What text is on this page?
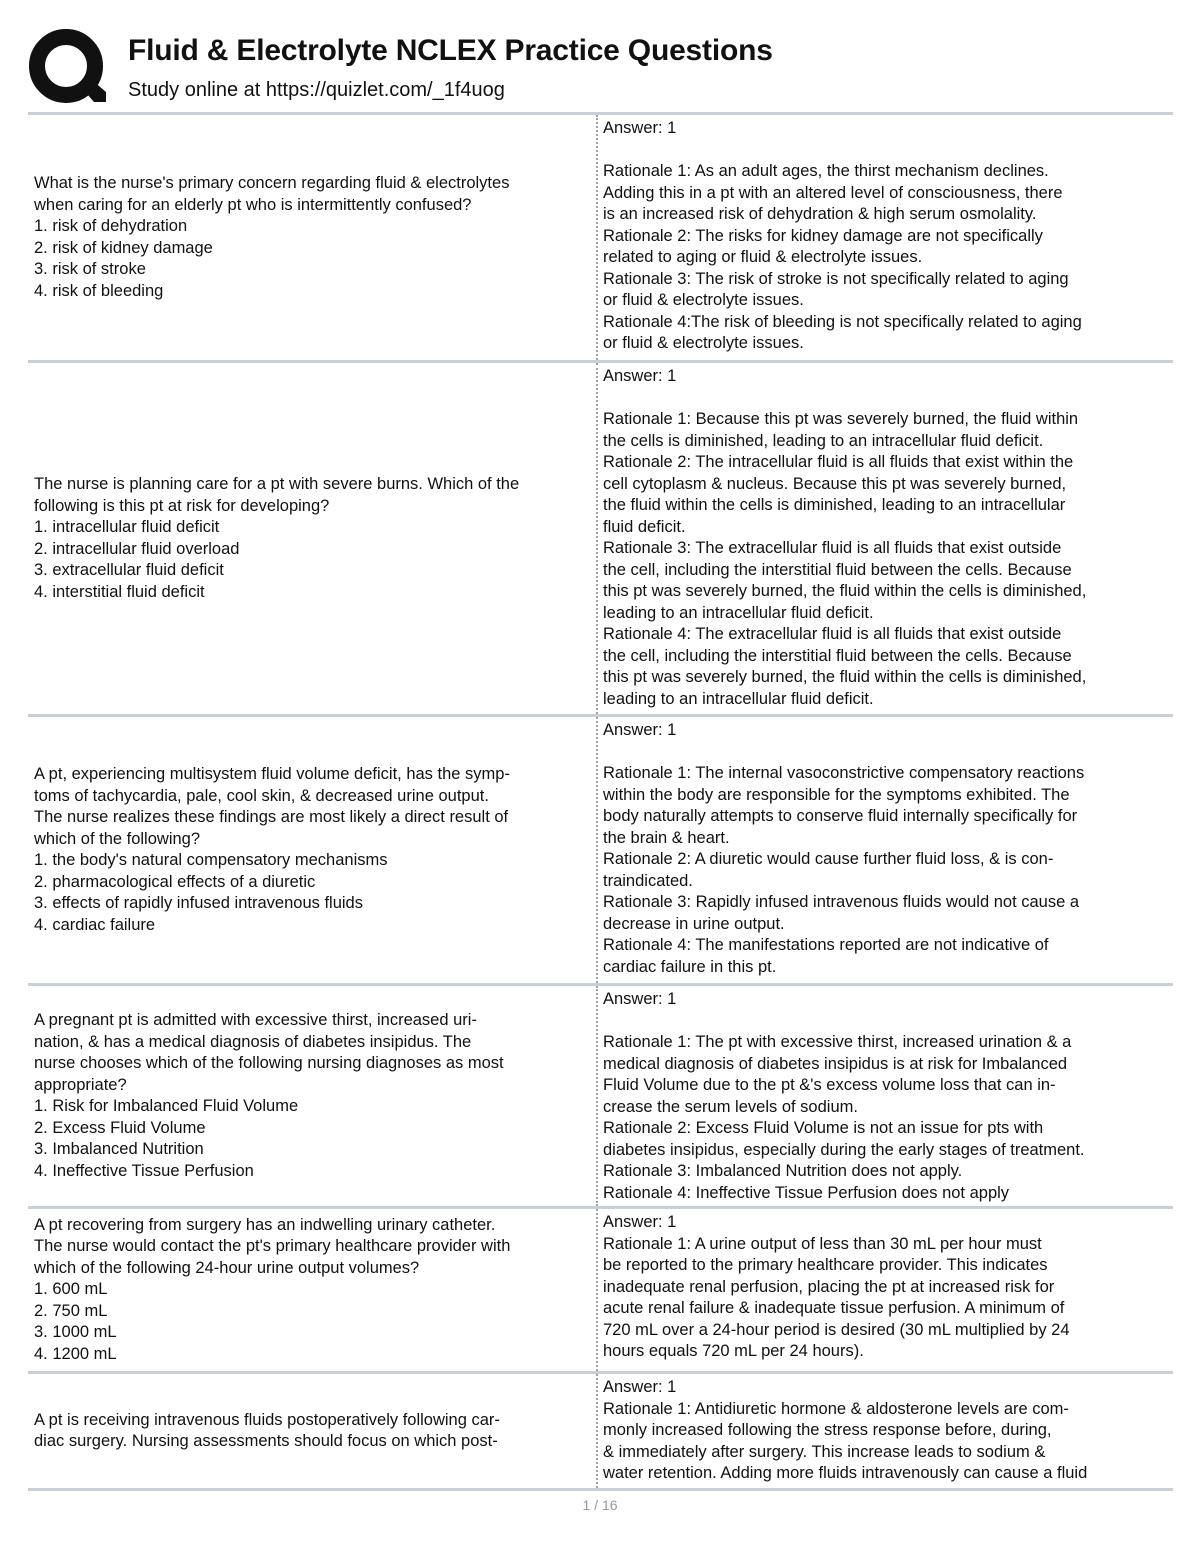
Fluid & Electrolyte NCLEX Practice Questions
Study online at https://quizlet.com/_1f4uog
What is the nurse's primary concern regarding fluid & electrolytes
when caring for an elderly pt who is intermittently confused?
1. risk of dehydration
2. risk of kidney damage
3. risk of stroke
4. risk of bleeding
Answer: 1
Rationale 1: As an adult ages, the thirst mechanism declines.
Adding this in a pt with an altered level of consciousness, there
is an increased risk of dehydration & high serum osmolality.
Rationale 2: The risks for kidney damage are not specifically
related to aging or fluid & electrolyte issues.
Rationale 3: The risk of stroke is not specifically related to aging
or fluid & electrolyte issues.
Rationale 4:The risk of bleeding is not specifically related to aging
or fluid & electrolyte issues.
The nurse is planning care for a pt with severe burns. Which of the
following is this pt at risk for developing?
1. intracellular fluid deficit
2. intracellular fluid overload
3. extracellular fluid deficit
4. interstitial fluid deficit
Answer: 1
Rationale 1: Because this pt was severely burned, the fluid within
the cells is diminished, leading to an intracellular fluid deficit.
Rationale 2: The intracellular fluid is all fluids that exist within the
cell cytoplasm & nucleus. Because this pt was severely burned,
the fluid within the cells is diminished, leading to an intracellular
fluid deficit.
Rationale 3: The extracellular fluid is all fluids that exist outside
the cell, including the interstitial fluid between the cells. Because
this pt was severely burned, the fluid within the cells is diminished,
leading to an intracellular fluid deficit.
Rationale 4: The extracellular fluid is all fluids that exist outside
the cell, including the interstitial fluid between the cells. Because
this pt was severely burned, the fluid within the cells is diminished,
leading to an intracellular fluid deficit.
A pt, experiencing multisystem fluid volume deficit, has the symp-
toms of tachycardia, pale, cool skin, & decreased urine output.
The nurse realizes these findings are most likely a direct result of
which of the following?
1. the body's natural compensatory mechanisms
2. pharmacological effects of a diuretic
3. effects of rapidly infused intravenous fluids
4. cardiac failure
Answer: 1
Rationale 1: The internal vasoconstrictive compensatory reactions
within the body are responsible for the symptoms exhibited. The
body naturally attempts to conserve fluid internally specifically for
the brain & heart.
Rationale 2: A diuretic would cause further fluid loss, & is con-
traindicated.
Rationale 3: Rapidly infused intravenous fluids would not cause a
decrease in urine output.
Rationale 4: The manifestations reported are not indicative of
cardiac failure in this pt.
A pregnant pt is admitted with excessive thirst, increased uri-
nation, & has a medical diagnosis of diabetes insipidus. The
nurse chooses which of the following nursing diagnoses as most
appropriate?
1. Risk for Imbalanced Fluid Volume
2. Excess Fluid Volume
3. Imbalanced Nutrition
4. Ineffective Tissue Perfusion
Answer: 1
Rationale 1: The pt with excessive thirst, increased urination & a
medical diagnosis of diabetes insipidus is at risk for Imbalanced
Fluid Volume due to the pt &'s excess volume loss that can in-
crease the serum levels of sodium.
Rationale 2: Excess Fluid Volume is not an issue for pts with
diabetes insipidus, especially during the early stages of treatment.
Rationale 3: Imbalanced Nutrition does not apply.
Rationale 4: Ineffective Tissue Perfusion does not apply
A pt recovering from surgery has an indwelling urinary catheter.
The nurse would contact the pt's primary healthcare provider with
which of the following 24-hour urine output volumes?
1. 600 mL
2. 750 mL
3. 1000 mL
4. 1200 mL
Answer: 1
Rationale 1: A urine output of less than 30 mL per hour must
be reported to the primary healthcare provider. This indicates
inadequate renal perfusion, placing the pt at increased risk for
acute renal failure & inadequate tissue perfusion. A minimum of
720 mL over a 24-hour period is desired (30 mL multiplied by 24
hours equals 720 mL per 24 hours).
A pt is receiving intravenous fluids postoperatively following car-
diac surgery. Nursing assessments should focus on which post-
Answer: 1
Rationale 1: Antidiuretic hormone & aldosterone levels are com-
monly increased following the stress response before, during,
& immediately after surgery. This increase leads to sodium &
water retention. Adding more fluids intravenously can cause a fluid
1 / 16
